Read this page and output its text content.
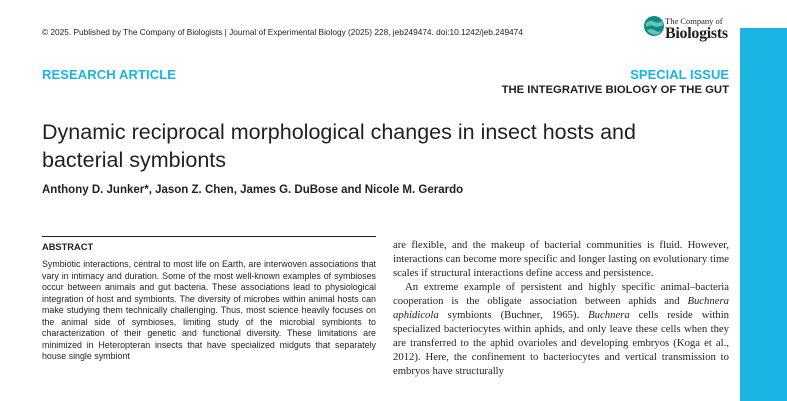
© 2025. Published by The Company of Biologists | Journal of Experimental Biology (2025) 228, jeb249474. doi:10.1242/jeb.249474
The Company of
Biologists
RESEARCH ARTICLE	SPECIAL ISSUE
THE INTEGRATIVE BIOLOGY OF THE GUT
Dynamic reciprocal morphological changes in insect hosts and bacterial symbionts
Anthony D. Junker*, Jason Z. Chen, James G. DuBose and Nicole M. Gerardo
ABSTRACT

Symbiotic interactions, central to most life on Earth, are interwoven associations that vary in intimacy and duration. Some of the most well-known examples of symbioses occur between animals and gut bacteria. These associations lead to physiological integration of host and symbionts. The diversity of microbes within animal hosts can make studying them technically challenging. Thus, most science heavily focuses on the animal side of symbioses, limiting study of the microbial symbionts to characterization of their genetic and functional diversity. These limitations are minimized in Heteropteran insects that have specialized midguts that separately house single symbiont

are flexible, and the makeup of bacterial communities is fluid. However, interactions can become more specific and longer lasting on evolutionary time scales if structural interactions define access and persistence.

An extreme example of persistent and highly specific animal–bacteria cooperation is the obligate association between aphids and Buchnera aphidicola symbionts (Buchner, 1965). Buchnera cells reside within specialized bacteriocytes within aphids, and only leave these cells when they are transferred to the aphid ovarioles and developing embryos (Koga et al., 2012). Here, the confinement to bacteriocytes and vertical transmission to embryos have structurally
